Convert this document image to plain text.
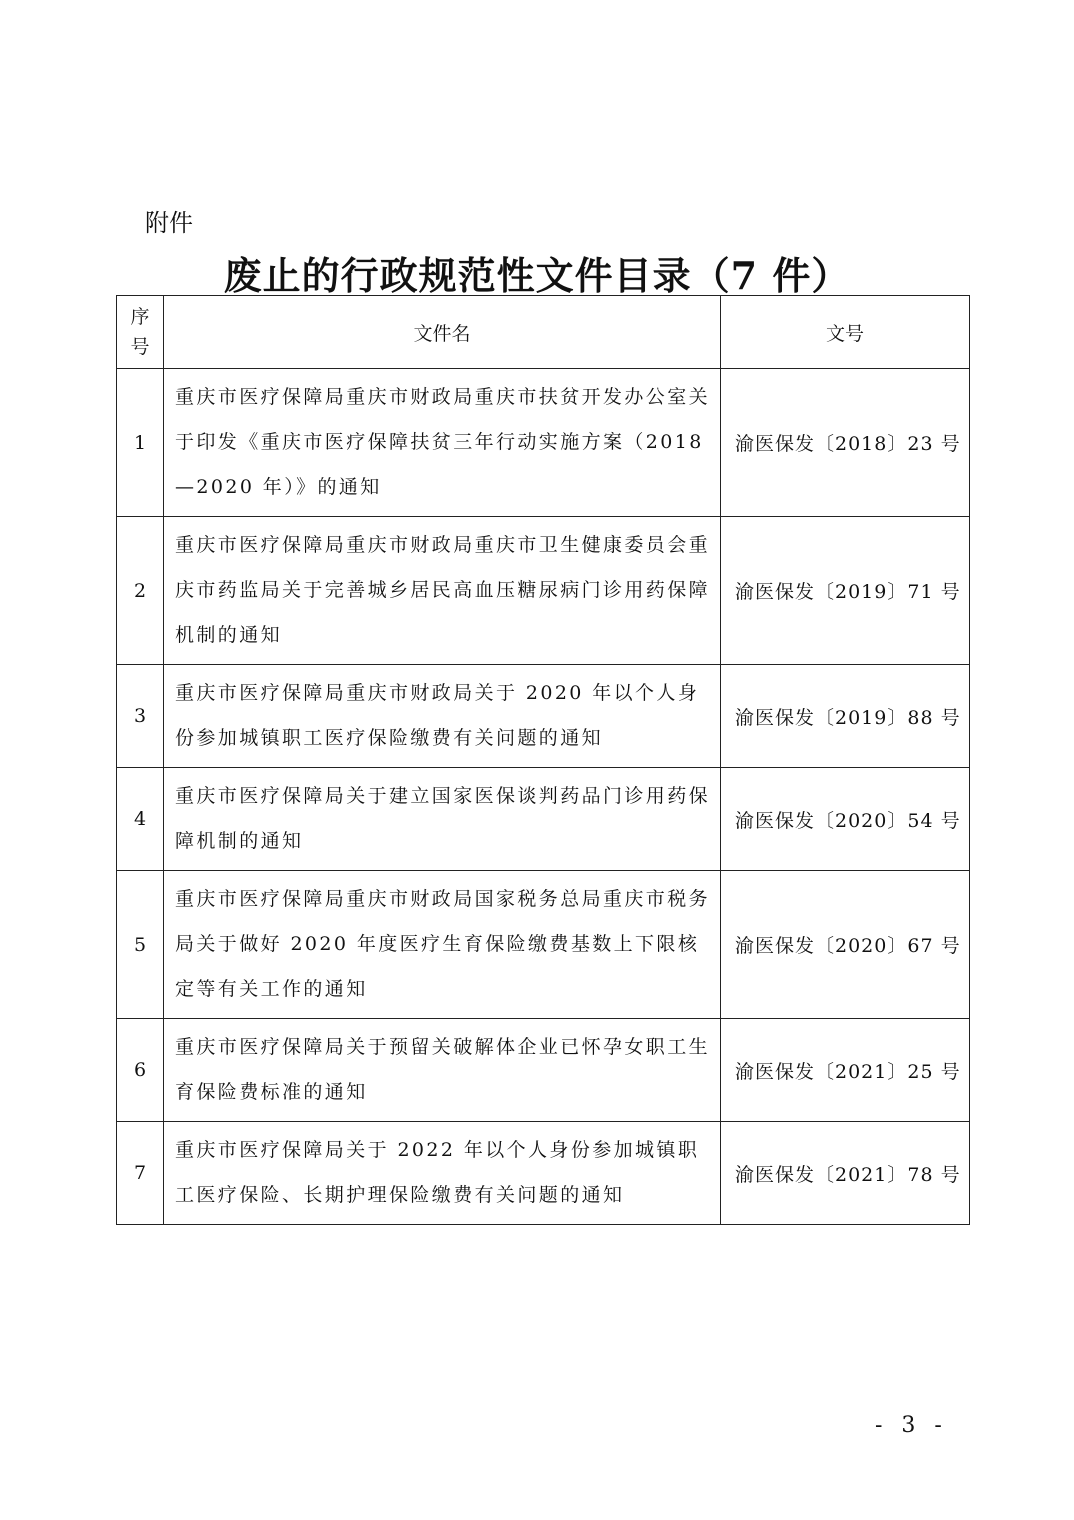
附件
废止的行政规范性文件目录（7 件）
序
号	文件名	文号
1	重庆市医疗保障局重庆市财政局重庆市扶贫开发办公室关于印发《重庆市医疗保障扶贫三年行动实施方案（2018—2020 年）》的通知	渝医保发〔2018〕23 号
2	重庆市医疗保障局重庆市财政局重庆市卫生健康委员会重庆市药监局关于完善城乡居民高血压糖尿病门诊用药保障机制的通知	渝医保发〔2019〕71 号
3	重庆市医疗保障局重庆市财政局关于 2020 年以个人身份参加城镇职工医疗保险缴费有关问题的通知	渝医保发〔2019〕88 号
4	重庆市医疗保障局关于建立国家医保谈判药品门诊用药保障机制的通知	渝医保发〔2020〕54 号
5	重庆市医疗保障局重庆市财政局国家税务总局重庆市税务局关于做好 2020 年度医疗生育保险缴费基数上下限核定等有关工作的通知	渝医保发〔2020〕67 号
6	重庆市医疗保障局关于预留关破解体企业已怀孕女职工生育保险费标准的通知	渝医保发〔2021〕25 号
7	重庆市医疗保障局关于 2022 年以个人身份参加城镇职工医疗保险、长期护理保险缴费有关问题的通知	渝医保发〔2021〕78 号
- 3 -
